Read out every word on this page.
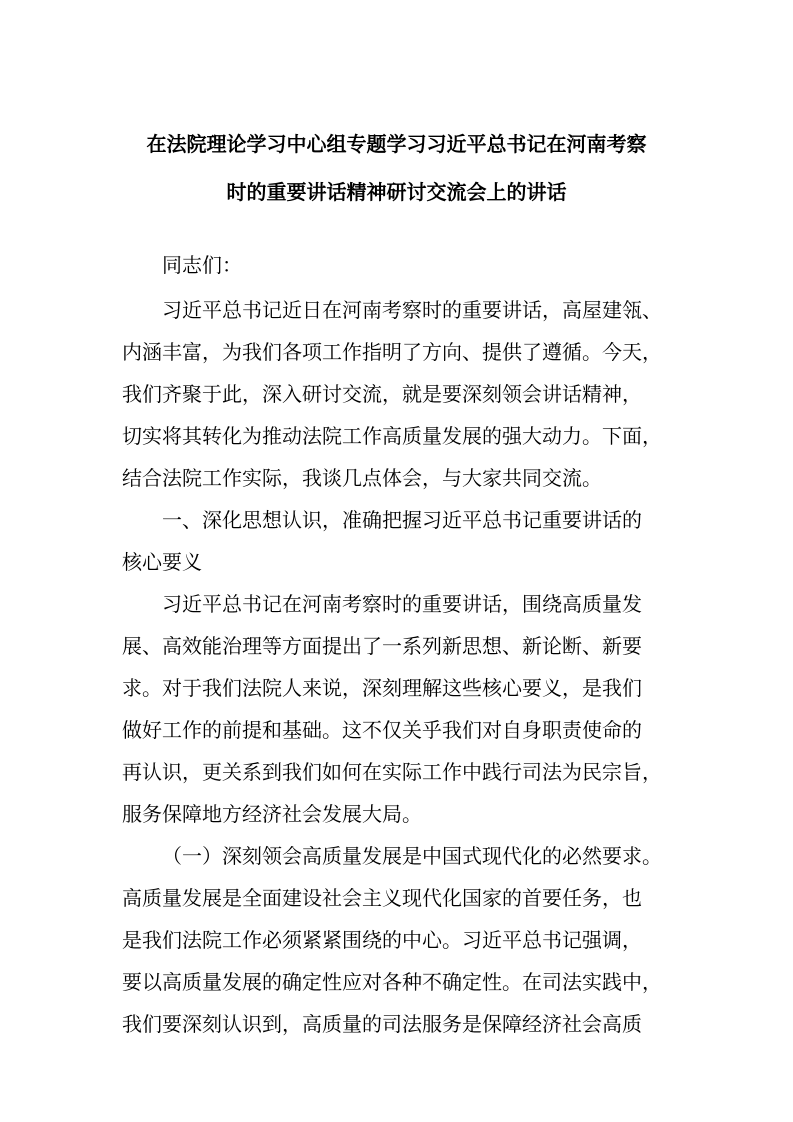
在法院理论学习中心组专题学习习近平总书记在河南考察
时的重要讲话精神研讨交流会上的讲话
同志们：
习近平总书记近日在河南考察时的重要讲话，高屋建瓴、
内涵丰富，为我们各项工作指明了方向、提供了遵循。今天，
我们齐聚于此，深入研讨交流，就是要深刻领会讲话精神，
切实将其转化为推动法院工作高质量发展的强大动力。下面，
结合法院工作实际，我谈几点体会，与大家共同交流。
一、深化思想认识，准确把握习近平总书记重要讲话的
核心要义
习近平总书记在河南考察时的重要讲话，围绕高质量发
展、高效能治理等方面提出了一系列新思想、新论断、新要
求。对于我们法院人来说，深刻理解这些核心要义，是我们
做好工作的前提和基础。这不仅关乎我们对自身职责使命的
再认识，更关系到我们如何在实际工作中践行司法为民宗旨，
服务保障地方经济社会发展大局。
（一）深刻领会高质量发展是中国式现代化的必然要求。
高质量发展是全面建设社会主义现代化国家的首要任务，也
是我们法院工作必须紧紧围绕的中心。习近平总书记强调，
要以高质量发展的确定性应对各种不确定性。在司法实践中，
我们要深刻认识到，高质量的司法服务是保障经济社会高质
